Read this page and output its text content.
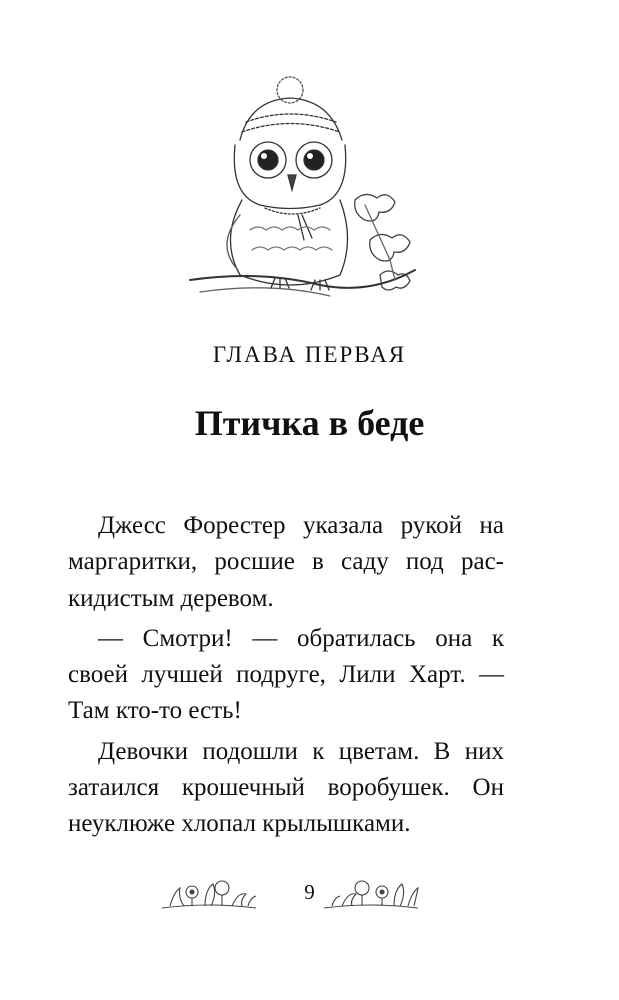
ГЛАВА ПЕРВАЯ
Птичка в беде
Джесс Форестер указала рукой на
маргаритки, росшие в саду под рас-
кидистым деревом.
— Смотри! — обратилась она к
своей лучшей подруге, Лили Харт. —
Там кто-то есть!
Девочки подошли к цветам. В них
затаился крошечный воробушек. Он
неуклюже хлопал крылышками.
9
